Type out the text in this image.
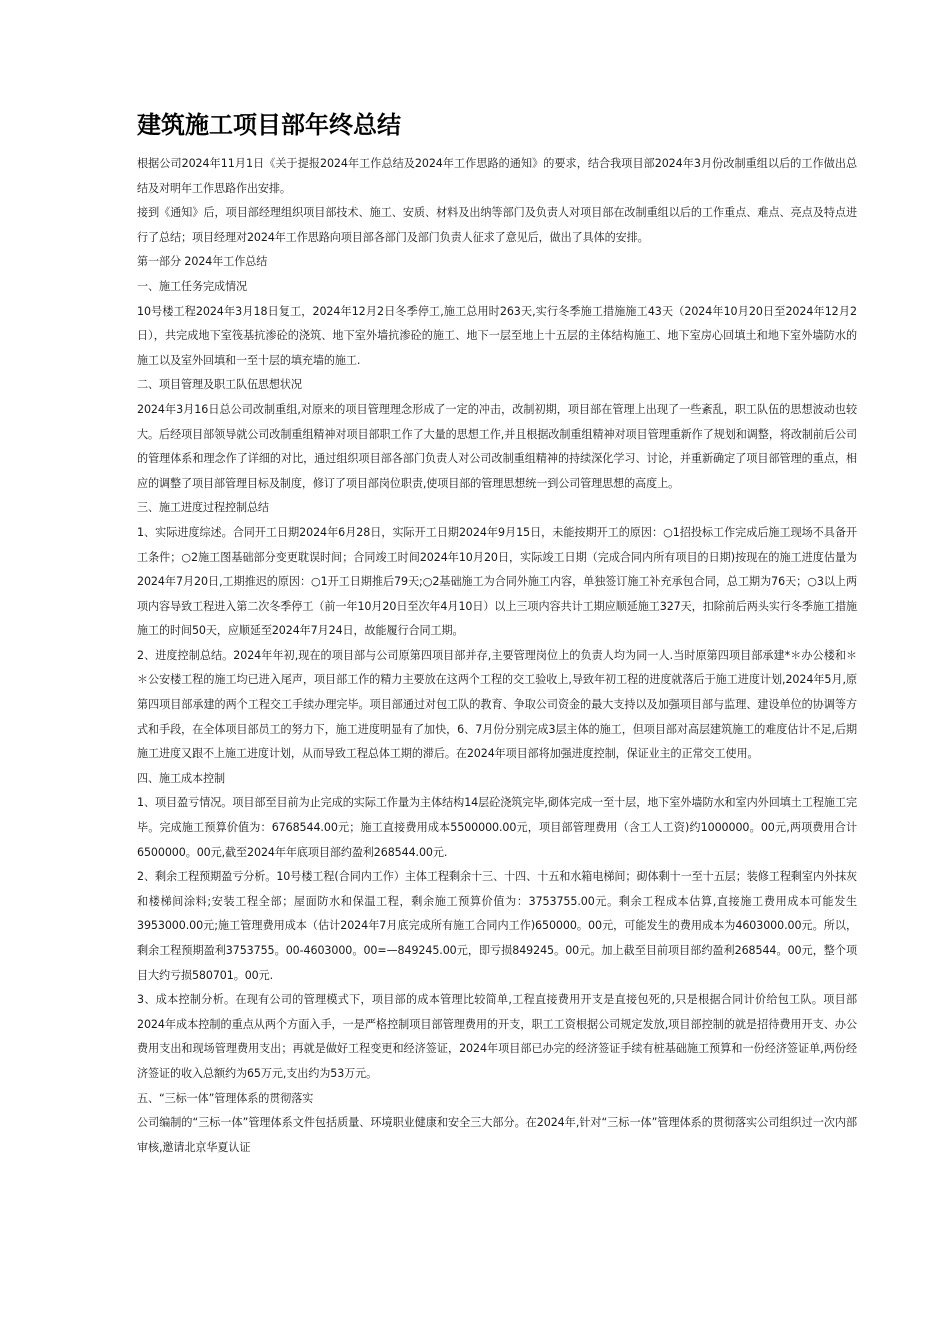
建筑施工项目部年终总结

根据公司2024年11月1日《关于提报2024年工作总结及2024年工作思路的通知》的要求，结合我项目部2024年3月份改制重组以后的工作做出总结及对明年工作思路作出安排。

接到《通知》后，项目部经理组织项目部技术、施工、安质、材料及出纳等部门及负责人对项目部在改制重组以后的工作重点、难点、亮点及特点进行了总结；项目经理对2024年工作思路向项目部各部门及部门负责人征求了意见后，做出了具体的安排。

第一部分 2024年工作总结

一、施工任务完成情况

10号楼工程2024年3月18日复工，2024年12月2日冬季停工,施工总用时263天,实行冬季施工措施施工43天（2024年10月20日至2024年12月2日），共完成地下室筏基抗渗砼的浇筑、地下室外墙抗渗砼的施工、地下一层至地上十五层的主体结构施工、地下室房心回填土和地下室外墙防水的施工以及室外回填和一至十层的填充墙的施工.

二、项目管理及职工队伍思想状况

2024年3月16日总公司改制重组,对原来的项目管理理念形成了一定的冲击，改制初期，项目部在管理上出现了一些紊乱，职工队伍的思想波动也较大。后经项目部领导就公司改制重组精神对项目部职工作了大量的思想工作,并且根据改制重组精神对项目管理重新作了规划和调整，将改制前后公司的管理体系和理念作了详细的对比，通过组织项目部各部门负责人对公司改制重组精神的持续深化学习、讨论，并重新确定了项目部管理的重点，相应的调整了项目部管理目标及制度，修订了项目部岗位职责,使项目部的管理思想统一到公司管理思想的高度上。

三、施工进度过程控制总结

1、实际进度综述。合同开工日期2024年6月28日，实际开工日期2024年9月15日，未能按期开工的原因：○1招投标工作完成后施工现场不具备开工条件；○2施工图基础部分变更耽误时间；合同竣工时间2024年10月20日，实际竣工日期（完成合同内所有项目的日期)按现在的施工进度估量为2024年7月20日,工期推迟的原因：○1开工日期推后79天;○2基础施工为合同外施工内容，单独签订施工补充承包合同，总工期为76天；○3以上两项内容导致工程进入第二次冬季停工（前一年10月20日至次年4月10日）以上三项内容共计工期应顺延施工327天，扣除前后两头实行冬季施工措施施工的时间50天，应顺延至2024年7月24日，故能履行合同工期。

2、进度控制总结。2024年年初,现在的项目部与公司原第四项目部并存,主要管理岗位上的负责人均为同一人.当时原第四项目部承建*＊办公楼和＊＊公安楼工程的施工均已进入尾声，项目部工作的精力主要放在这两个工程的交工验收上,导致年初工程的进度就落后于施工进度计划,2024年5月,原第四项目部承建的两个工程交工手续办理完毕。项目部通过对包工队的教育、争取公司资金的最大支持以及加强项目部与监理、建设单位的协调等方式和手段，在全体项目部员工的努力下，施工进度明显有了加快，6、7月份分别完成3层主体的施工，但项目部对高层建筑施工的难度估计不足,后期施工进度又跟不上施工进度计划，从而导致工程总体工期的滞后。在2024年项目部将加强进度控制，保证业主的正常交工使用。

四、施工成本控制

1、项目盈亏情况。项目部至目前为止完成的实际工作量为主体结构14层砼浇筑完毕,砌体完成一至十层，地下室外墙防水和室内外回填土工程施工完毕。完成施工预算价值为：6768544.00元；施工直接费用成本5500000.00元，项目部管理费用（含工人工资)约1000000。00元,两项费用合计6500000。00元,截至2024年年底项目部约盈利268544.00元.

2、剩余工程预期盈亏分析。10号楼工程(合同内工作）主体工程剩余十三、十四、十五和水箱电梯间；砌体剩十一至十五层；装修工程剩室内外抹灰和楼梯间涂料;安装工程全部；屋面防水和保温工程，剩余施工预算价值为：3753755.00元。剩余工程成本估算,直接施工费用成本可能发生3953000.00元;施工管理费用成本（估计2024年7月底完成所有施工合同内工作)650000。00元，可能发生的费用成本为4603000.00元。所以，剩余工程预期盈利3753755。00-4603000。00=—849245.00元，即亏损849245。00元。加上截至目前项目部约盈利268544。00元，整个项目大约亏损580701。00元.

3、成本控制分析。在现有公司的管理模式下，项目部的成本管理比较简单,工程直接费用开支是直接包死的,只是根据合同计价给包工队。项目部2024年成本控制的重点从两个方面入手，一是严格控制项目部管理费用的开支，职工工资根据公司规定发放,项目部控制的就是招待费用开支、办公费用支出和现场管理费用支出；再就是做好工程变更和经济签证，2024年项目部已办完的经济签证手续有桩基础施工预算和一份经济签证单,两份经济签证的收入总额约为65万元,支出约为53万元。

五、“三标一体”管理体系的贯彻落实

公司编制的“三标一体”管理体系文件包括质量、环境职业健康和安全三大部分。在2024年,针对“三标一体”管理体系的贯彻落实公司组织过一次内部审核,邀请北京华夏认证
